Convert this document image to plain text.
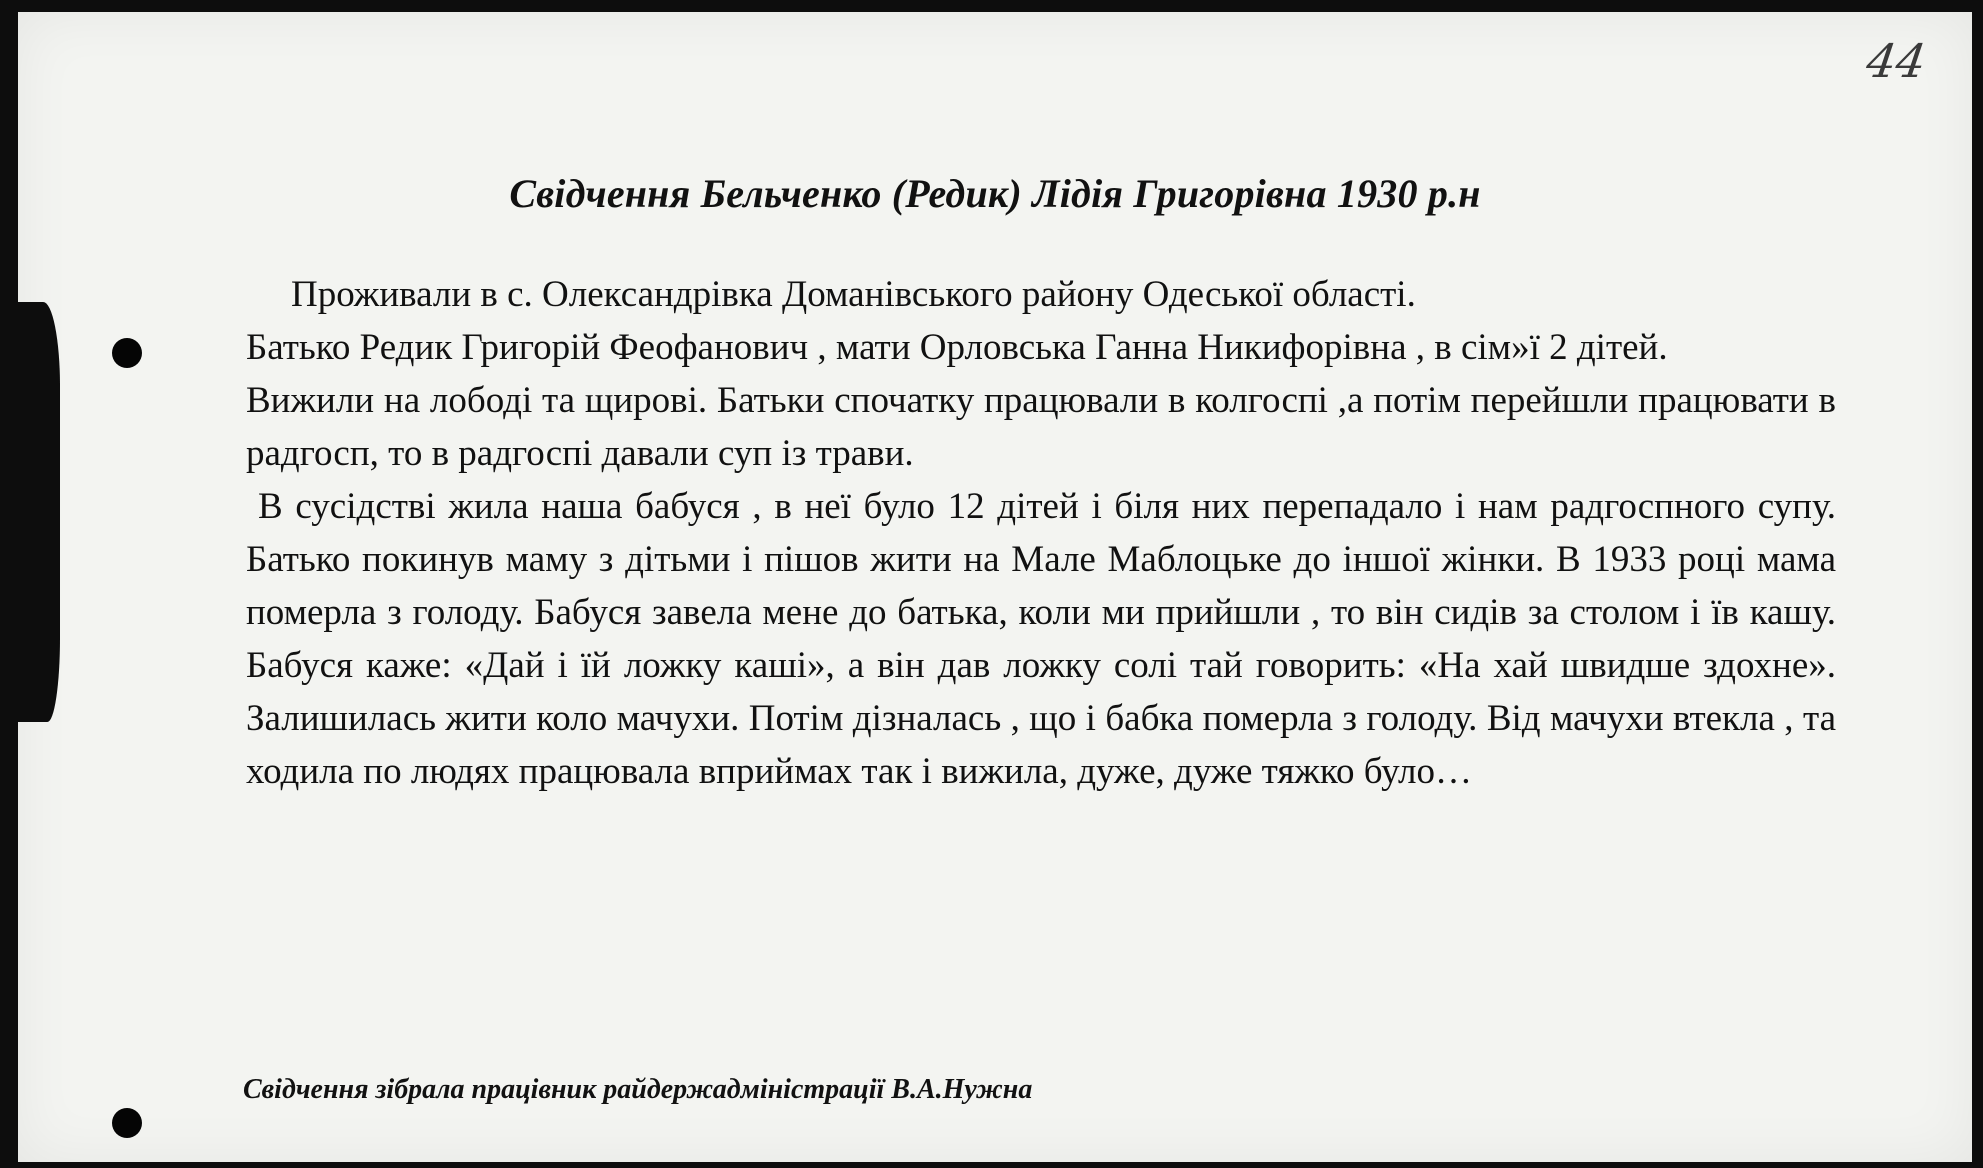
44
Свідчення Бельченко (Редик) Лідія Григорівна 1930 р.н

Проживали в с. Олександрівка Доманівського району Одеської області.

Батько Редик Григорій Феофанович , мати Орловська Ганна Никифорівна , в сім»ї 2 дітей.

Вижили на лободі та щирові. Батьки спочатку працювали в колгоспі ,а потім перейшли працювати в радгосп, то в радгоспі давали суп із трави.

В сусідстві жила наша бабуся , в неї було 12 дітей і біля них перепадало і нам радгоспного супу. Батько покинув маму з дітьми і пішов жити на Мале Маблоцьке до іншої жінки. В 1933 році мама померла з голоду. Бабуся завела мене до батька, коли ми прийшли , то він сидів за столом і їв кашу. Бабуся каже: «Дай і їй ложку каші», а він дав ложку солі тай говорить: «На хай швидше здохне». Залишилась жити коло мачухи. Потім дізналась , що і бабка померла з голоду. Від мачухи втекла , та ходила по людях працювала вприймах так і вижила, дуже, дуже тяжко було…

Свідчення зібрала працівник райдержадміністрації В.А.Нужна
